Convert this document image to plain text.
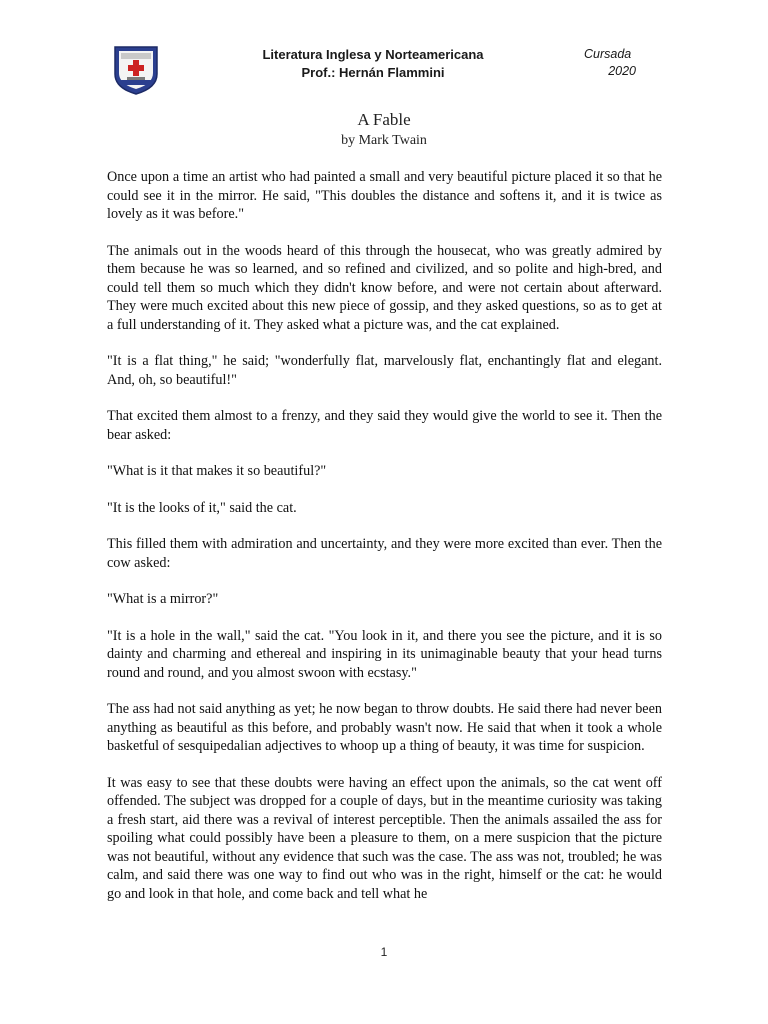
Literatura Inglesa y Norteamericana
Prof.: Hernán Flammini
Cursada
2020
A Fable
by Mark Twain

Once upon a time an artist who had painted a small and very beautiful picture placed it so that he could see it in the mirror. He said, "This doubles the distance and softens it, and it is twice as lovely as it was before."

The animals out in the woods heard of this through the housecat, who was greatly admired by them because he was so learned, and so refined and civilized, and so polite and high-bred, and could tell them so much which they didn't know before, and were not certain about afterward. They were much excited about this new piece of gossip, and they asked questions, so as to get at a full understanding of it. They asked what a picture was, and the cat explained.

"It is a flat thing," he said; "wonderfully flat, marvelously flat, enchantingly flat and elegant. And, oh, so beautiful!"

That excited them almost to a frenzy, and they said they would give the world to see it. Then the bear asked:

"What is it that makes it so beautiful?"

"It is the looks of it," said the cat.

This filled them with admiration and uncertainty, and they were more excited than ever. Then the cow asked:

"What is a mirror?"

"It is a hole in the wall," said the cat. "You look in it, and there you see the picture, and it is so dainty and charming and ethereal and inspiring in its unimaginable beauty that your head turns round and round, and you almost swoon with ecstasy."

The ass had not said anything as yet; he now began to throw doubts. He said there had never been anything as beautiful as this before, and probably wasn't now. He said that when it took a whole basketful of sesquipedalian adjectives to whoop up a thing of beauty, it was time for suspicion.

It was easy to see that these doubts were having an effect upon the animals, so the cat went off offended. The subject was dropped for a couple of days, but in the meantime curiosity was taking a fresh start, aid there was a revival of interest perceptible. Then the animals assailed the ass for spoiling what could possibly have been a pleasure to them, on a mere suspicion that the picture was not beautiful, without any evidence that such was the case. The ass was not, troubled; he was calm, and said there was one way to find out who was in the right, himself or the cat: he would go and look in that hole, and come back and tell what he

1
